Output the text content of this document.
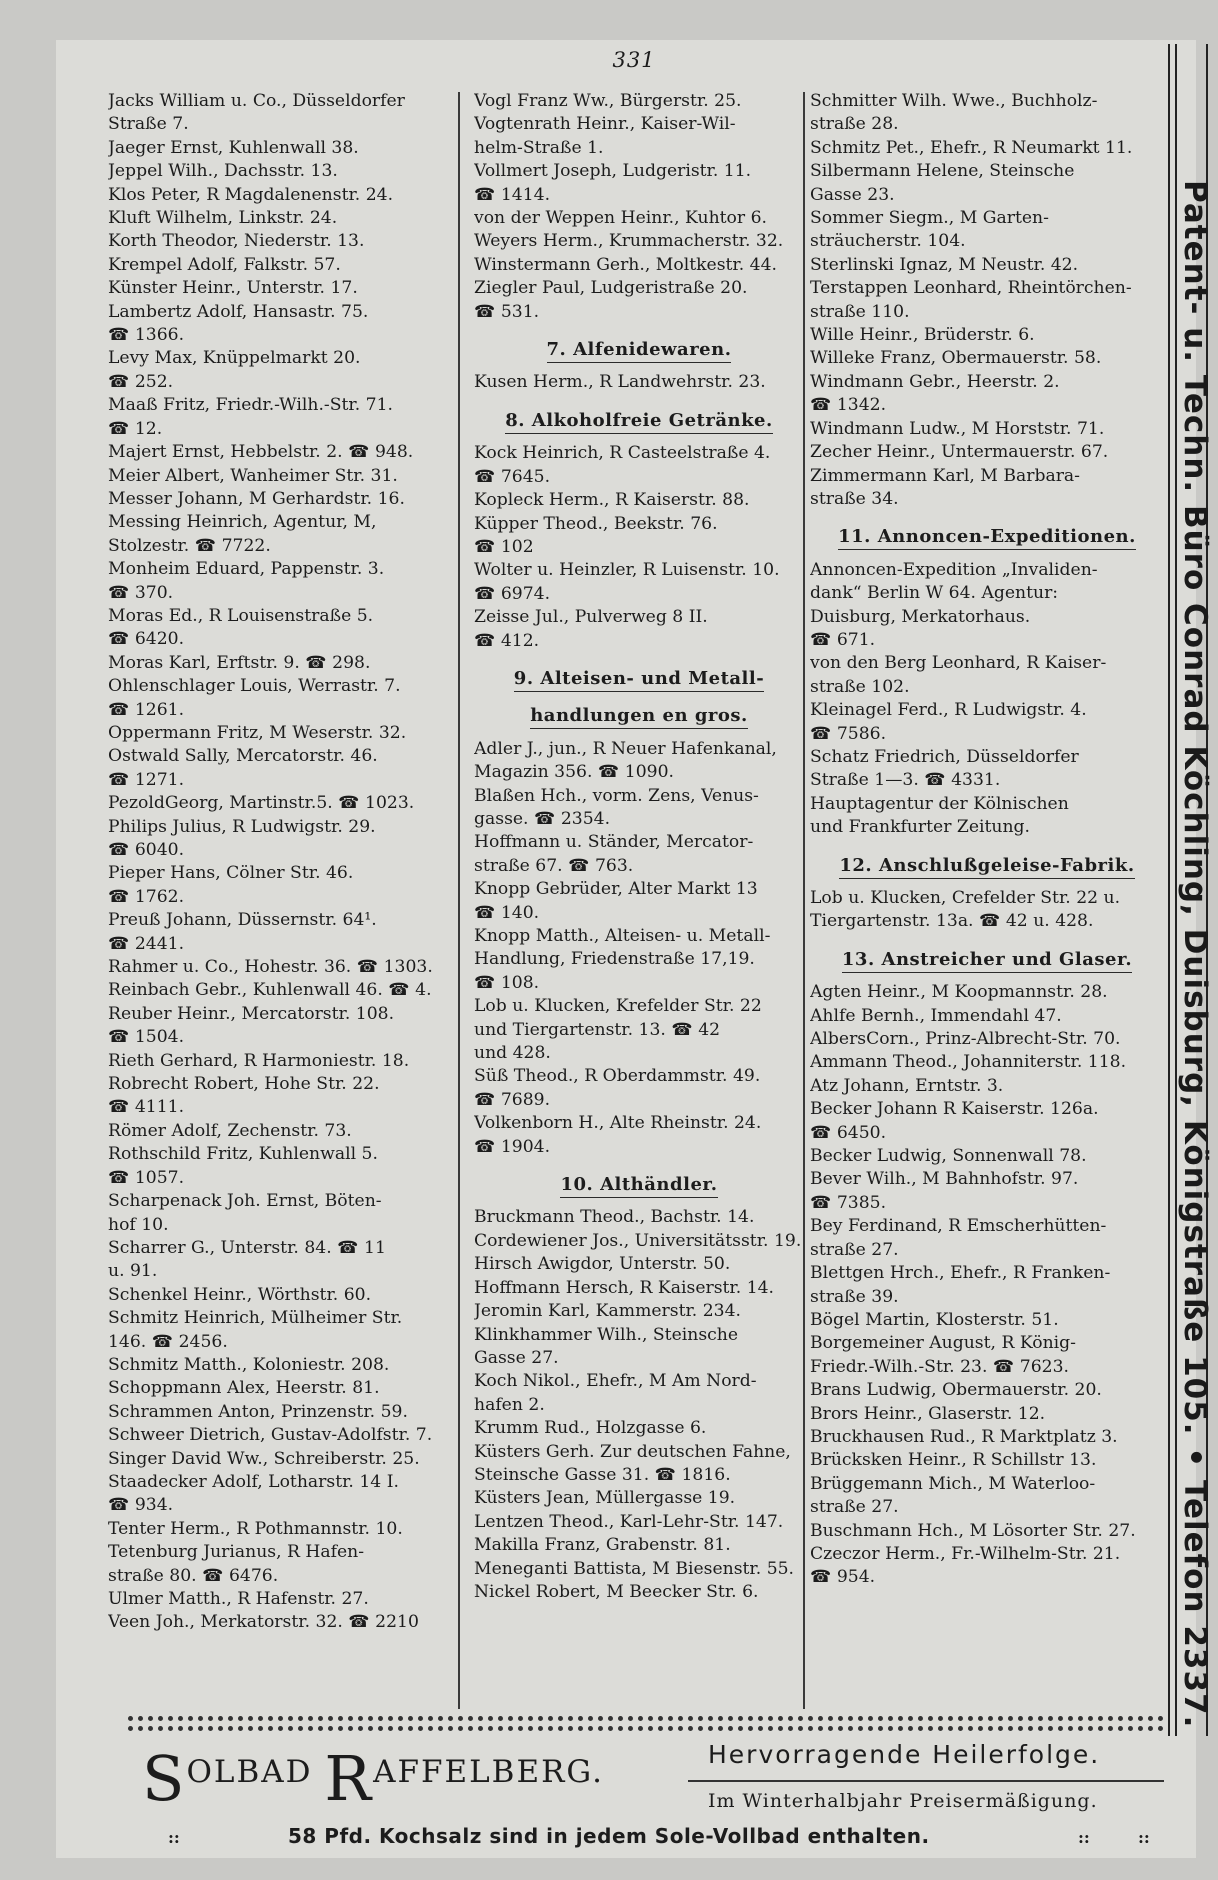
331
Jacks William u. Co., Düsseldorfer
Straße 7.
Jaeger Ernst, Kuhlenwall 38.
Jeppel Wilh., Dachsstr. 13.
Klos Peter, R Magdalenenstr. 24.
Kluft Wilhelm, Linkstr. 24.
Korth Theodor, Niederstr. 13.
Krempel Adolf, Falkstr. 57.
Künster Heinr., Unterstr. 17.
Lambertz Adolf, Hansastr. 75.
☎ 1366.
Levy Max, Knüppelmarkt 20.
☎ 252.
Maaß Fritz, Friedr.-Wilh.-Str. 71.
☎ 12.
Majert Ernst, Hebbelstr. 2. ☎ 948.
Meier Albert, Wanheimer Str. 31.
Messer Johann, M Gerhardstr. 16.
Messing Heinrich, Agentur, M,
Stolzestr. ☎ 7722.
Monheim Eduard, Pappenstr. 3.
☎ 370.
Moras Ed., R Louisenstraße 5.
☎ 6420.
Moras Karl, Erftstr. 9. ☎ 298.
Ohlenschlager Louis, Werrastr. 7.
☎ 1261.
Oppermann Fritz, M Weserstr. 32.
Ostwald Sally, Mercatorstr. 46.
☎ 1271.
PezoldGeorg, Martinstr.5. ☎ 1023.
Philips Julius, R Ludwigstr. 29.
☎ 6040.
Pieper Hans, Cölner Str. 46.
☎ 1762.
Preuß Johann, Düssernstr. 64¹.
☎ 2441.
Rahmer u. Co., Hohestr. 36. ☎ 1303.
Reinbach Gebr., Kuhlenwall 46. ☎ 4.
Reuber Heinr., Mercatorstr. 108.
☎ 1504.
Rieth Gerhard, R Harmoniestr. 18.
Robrecht Robert, Hohe Str. 22.
☎ 4111.
Römer Adolf, Zechenstr. 73.
Rothschild Fritz, Kuhlenwall 5.
☎ 1057.
Scharpenack Joh. Ernst, Böten-
hof 10.
Scharrer G., Unterstr. 84. ☎ 11
u. 91.
Schenkel Heinr., Wörthstr. 60.
Schmitz Heinrich, Mülheimer Str.
146. ☎ 2456.
Schmitz Matth., Koloniestr. 208.
Schoppmann Alex, Heerstr. 81.
Schrammen Anton, Prinzenstr. 59.
Schweer Dietrich, Gustav-Adolfstr. 7.
Singer David Ww., Schreiberstr. 25.
Staadecker Adolf, Lotharstr. 14 I.
☎ 934.
Tenter Herm., R Pothmannstr. 10.
Tetenburg Jurianus, R Hafen-
straße 80. ☎ 6476.
Ulmer Matth., R Hafenstr. 27.
Veen Joh., Merkatorstr. 32. ☎ 2210
Vogl Franz Ww., Bürgerstr. 25.
Vogtenrath Heinr., Kaiser-Wil-
helm-Straße 1.
Vollmert Joseph, Ludgeristr. 11.
☎ 1414.
von der Weppen Heinr., Kuhtor 6.
Weyers Herm., Krummacherstr. 32.
Winstermann Gerh., Moltkestr. 44.
Ziegler Paul, Ludgeristraße 20.
☎ 531.
7. Alfenidewaren.
Kusen Herm., R Landwehrstr. 23.
8. Alkoholfreie Getränke.
Kock Heinrich, R Casteelstraße 4.
☎ 7645.
Kopleck Herm., R Kaiserstr. 88.
Küpper Theod., Beekstr. 76.
☎ 102
Wolter u. Heinzler, R Luisenstr. 10.
☎ 6974.
Zeisse Jul., Pulverweg 8 II.
☎ 412.
9. Alteisen- und Metall-
handlungen en gros.
Adler J., jun., R Neuer Hafenkanal,
Magazin 356. ☎ 1090.
Blaßen Hch., vorm. Zens, Venus-
gasse. ☎ 2354.
Hoffmann u. Ständer, Mercator-
straße 67. ☎ 763.
Knopp Gebrüder, Alter Markt 13
☎ 140.
Knopp Matth., Alteisen- u. Metall-
Handlung, Friedenstraße 17,19.
☎ 108.
Lob u. Klucken, Krefelder Str. 22
und Tiergartenstr. 13. ☎ 42
und 428.
Süß Theod., R Oberdammstr. 49.
☎ 7689.
Volkenborn H., Alte Rheinstr. 24.
☎ 1904.
10. Althändler.
Bruckmann Theod., Bachstr. 14.
Cordewiener Jos., Universitätsstr. 19.
Hirsch Awigdor, Unterstr. 50.
Hoffmann Hersch, R Kaiserstr. 14.
Jeromin Karl, Kammerstr. 234.
Klinkhammer Wilh., Steinsche
Gasse 27.
Koch Nikol., Ehefr., M Am Nord-
hafen 2.
Krumm Rud., Holzgasse 6.
Küsters Gerh. Zur deutschen Fahne,
Steinsche Gasse 31. ☎ 1816.
Küsters Jean, Müllergasse 19.
Lentzen Theod., Karl-Lehr-Str. 147.
Makilla Franz, Grabenstr. 81.
Meneganti Battista, M Biesenstr. 55.
Nickel Robert, M Beecker Str. 6.
Schmitter Wilh. Wwe., Buchholz-
straße 28.
Schmitz Pet., Ehefr., R Neumarkt 11.
Silbermann Helene, Steinsche
Gasse 23.
Sommer Siegm., M Garten-
sträucherstr. 104.
Sterlinski Ignaz, M Neustr. 42.
Terstappen Leonhard, Rheintörchen-
straße 110.
Wille Heinr., Brüderstr. 6.
Willeke Franz, Obermauerstr. 58.
Windmann Gebr., Heerstr. 2.
☎ 1342.
Windmann Ludw., M Horststr. 71.
Zecher Heinr., Untermauerstr. 67.
Zimmermann Karl, M Barbara-
straße 34.
11. Annoncen-Expeditionen.
Annoncen-Expedition „Invaliden-
dank“ Berlin W 64. Agentur:
Duisburg, Merkatorhaus.
☎ 671.
von den Berg Leonhard, R Kaiser-
straße 102.
Kleinagel Ferd., R Ludwigstr. 4.
☎ 7586.
Schatz Friedrich, Düsseldorfer
Straße 1—3. ☎ 4331.
Hauptagentur der Kölnischen
und Frankfurter Zeitung.
12. Anschlußgeleise-Fabrik.
Lob u. Klucken, Crefelder Str. 22 u.
Tiergartenstr. 13a. ☎ 42 u. 428.
13. Anstreicher und Glaser.
Agten Heinr., M Koopmannstr. 28.
Ahlfe Bernh., Immendahl 47.
AlbersCorn., Prinz-Albrecht-Str. 70.
Ammann Theod., Johanniterstr. 118.
Atz Johann, Erntstr. 3.
Becker Johann R Kaiserstr. 126a.
☎ 6450.
Becker Ludwig, Sonnenwall 78.
Bever Wilh., M Bahnhofstr. 97.
☎ 7385.
Bey Ferdinand, R Emscherhütten-
straße 27.
Blettgen Hrch., Ehefr., R Franken-
straße 39.
Bögel Martin, Klosterstr. 51.
Borgemeiner August, R König-
Friedr.-Wilh.-Str. 23. ☎ 7623.
Brans Ludwig, Obermauerstr. 20.
Brors Heinr., Glaserstr. 12.
Bruckhausen Rud., R Marktplatz 3.
Brücksken Heinr., R Schillstr 13.
Brüggemann Mich., M Waterloo-
straße 27.
Buschmann Hch., M Lösorter Str. 27.
Czeczor Herm., Fr.-Wilhelm-Str. 21.
☎ 954.	Patent- u. Techn. Büro Conrad Köchling, Duisburg, Königstraße 105. • Telefon 2337.
SOLBAD RAFFELBERG.	Hervorragende Heilerfolge.
Im Winterhalbjahr Preisermäßigung.
::	58 Pfd. Kochsalz sind in jedem Sole-Vollbad enthalten.	::	::
